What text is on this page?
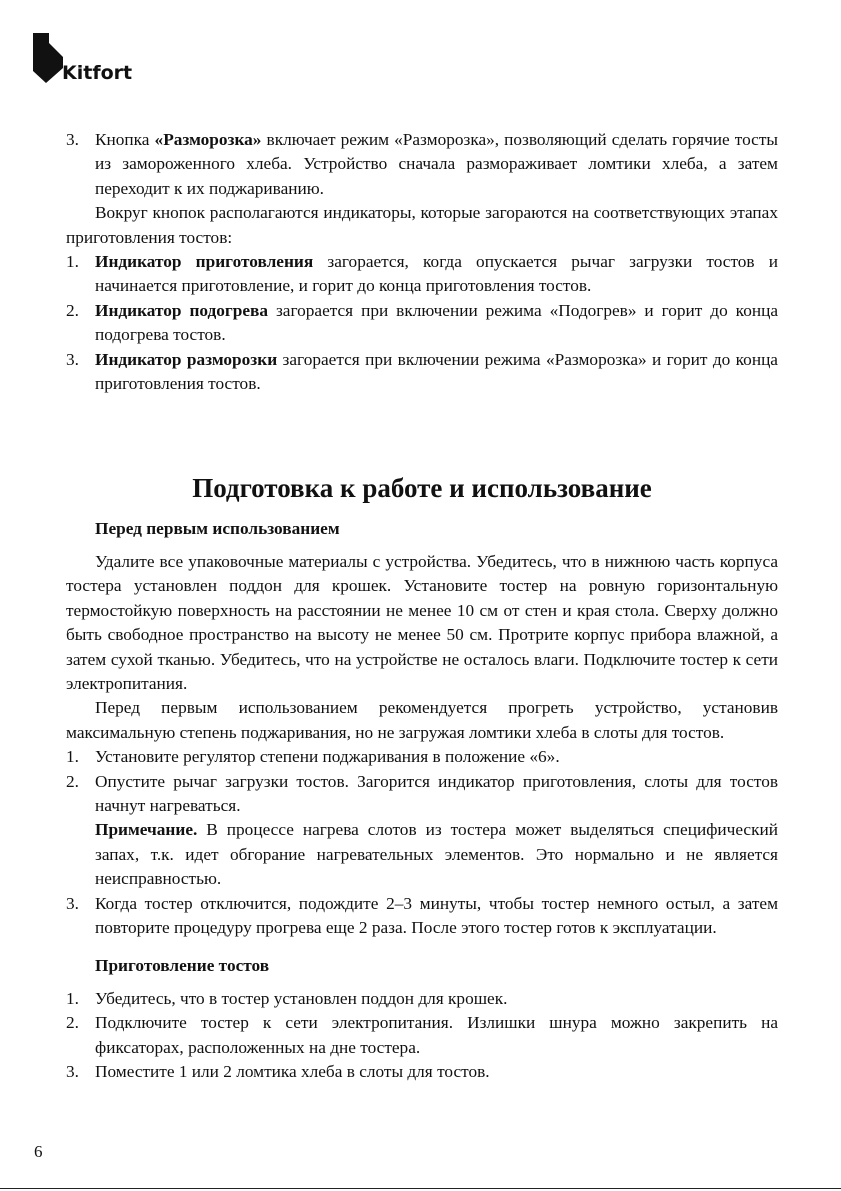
Kitfort
3. Кнопка «Разморозка» включает режим «Разморозка», позволяющий сделать горячие тосты из замороженного хлеба. Устройство сначала размораживает ломтики хлеба, а затем переходит к их поджариванию.

Вокруг кнопок располагаются индикаторы, которые загораются на соответствующих этапах приготовления тостов:

1. Индикатор приготовления загорается, когда опускается рычаг загрузки тостов и начинается приготовление, и горит до конца приготовления тостов.
2. Индикатор подогрева загорается при включении режима «Подогрев» и горит до конца подогрева тостов.
3. Индикатор разморозки загорается при включении режима «Разморозка» и горит до конца приготовления тостов.
Подготовка к работе и использование
Перед первым использованием

Удалите все упаковочные материалы с устройства. Убедитесь, что в нижнюю часть корпуса тостера установлен поддон для крошек. Установите тостер на ровную горизонтальную термостойкую поверхность на расстоянии не менее 10 см от стен и края стола. Сверху должно быть свободное пространство на высоту не менее 50 см. Протрите корпус прибора влажной, а затем сухой тканью. Убедитесь, что на устройстве не осталось влаги. Подключите тостер к сети электропитания.

Перед первым использованием рекомендуется прогреть устройство, установив максимальную степень поджаривания, но не загружая ломтики хлеба в слоты для тостов.

1. Установите регулятор степени поджаривания в положение «6».
2. Опустите рычаг загрузки тостов. Загорится индикатор приготовления, слоты для тостов начнут нагреваться.

Примечание. В процессе нагрева слотов из тостера может выделяться специфический запах, т.к. идет обгорание нагревательных элементов. Это нормально и не является неисправностью.

3. Когда тостер отключится, подождите 2–3 минуты, чтобы тостер немного остыл, а затем повторите процедуру прогрева еще 2 раза. После этого тостер готов к эксплуатации.
Приготовление тостов
1. Убедитесь, что в тостер установлен поддон для крошек.
2. Подключите тостер к сети электропитания. Излишки шнура можно закрепить на фиксаторах, расположенных на дне тостера.
3. Поместите 1 или 2 ломтика хлеба в слоты для тостов.
6
